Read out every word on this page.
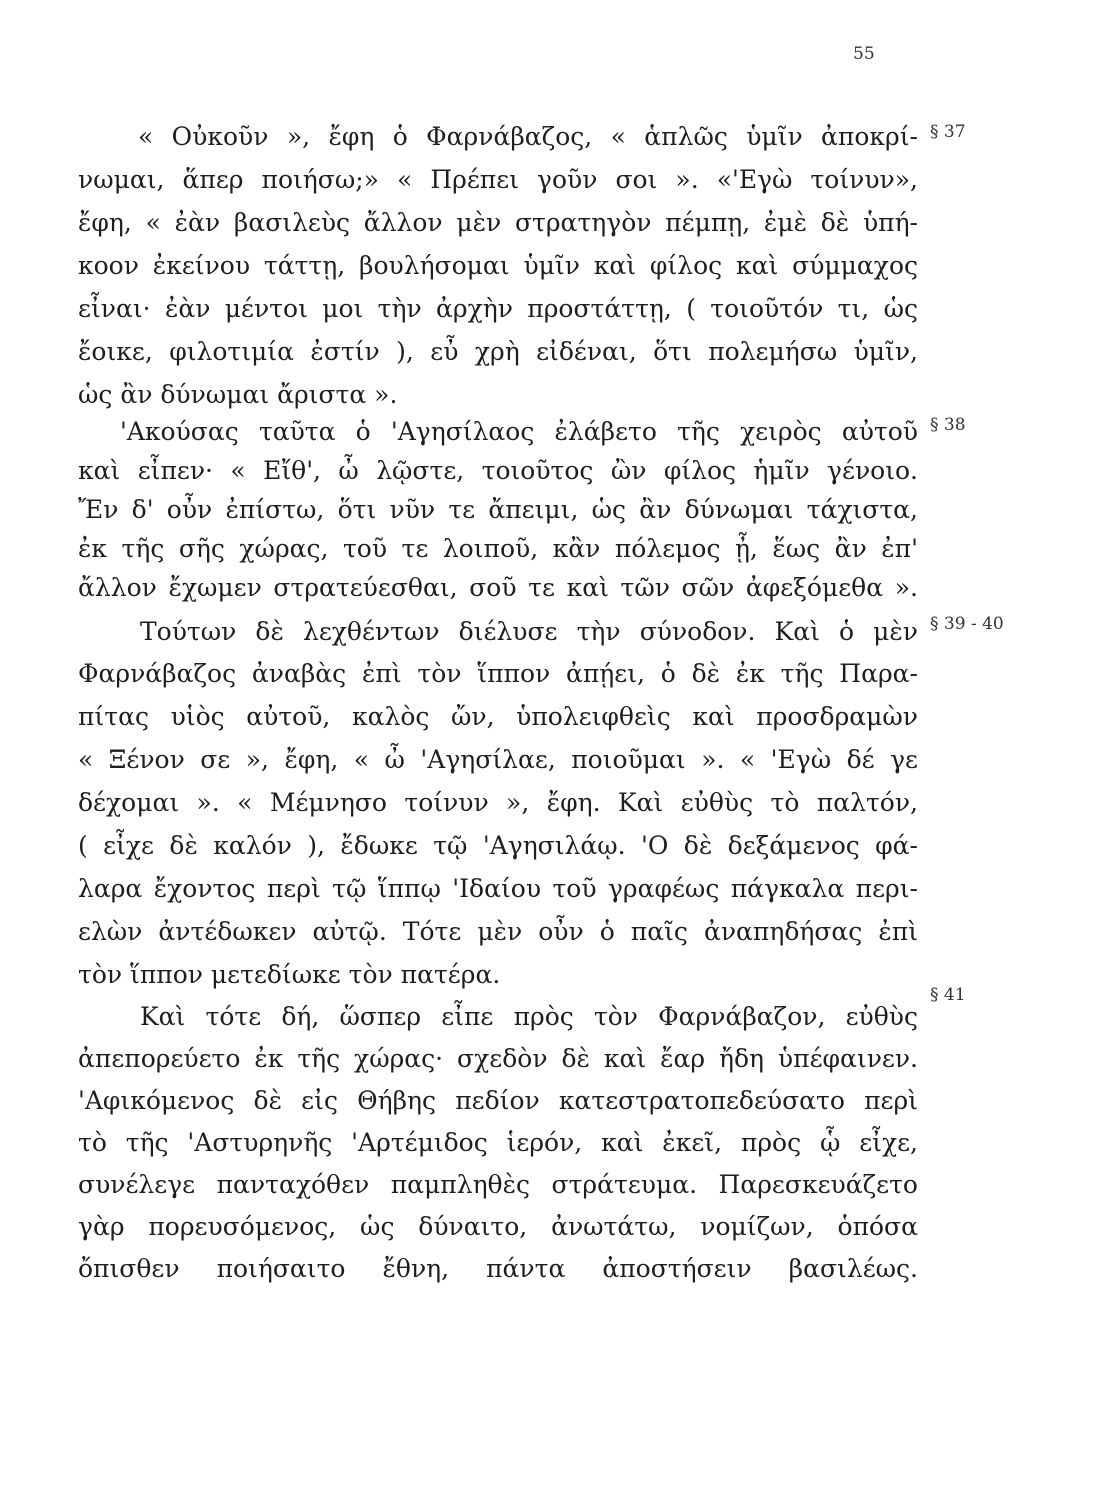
55
« Οὐκοῦν », ἔφη ὁ Φαρνάβαζος, « ἁπλῶς ὑμῖν ἀποκρί-
νωμαι, ἅπερ ποιήσω;» « Πρέπει γοῦν σοι ». «'Εγὼ τοίνυν»,
ἔφη, « ἐὰν βασιλεὺς ἄλλον μὲν στρατηγὸν πέμπῃ, ἐμὲ δὲ ὑπή-
κοον ἐκείνου τάττῃ, βουλήσομαι ὑμῖν καὶ φίλος καὶ σύμμαχος
εἶναι· ἐὰν μέντοι μοι τὴν ἀρχὴν προστάττῃ, ( τοιοῦτόν τι, ὡς
ἔοικε, φιλοτιμία ἐστίν ), εὖ χρὴ εἰδέναι, ὅτι πολεμήσω ὑμῖν,
ὡς ἂν δύνωμαι ἄριστα ».
'Ακούσας ταῦτα ὁ 'Αγησίλαος ἐλάβετο τῆς χειρὸς αὐτοῦ
καὶ εἶπεν· « Εἴθ', ὦ λῷστε, τοιοῦτος ὢν φίλος ἡμῖν γένοιο.
Ἔν δ' οὖν ἐπίστω, ὅτι νῦν τε ἄπειμι, ὡς ἂν δύνωμαι τάχιστα,
ἐκ τῆς σῆς χώρας, τοῦ τε λοιποῦ, κἂν πόλεμος ᾖ, ἕως ἂν ἐπ'
ἄλλον ἔχωμεν στρατεύεσθαι, σοῦ τε καὶ τῶν σῶν ἀφεξόμεθα ».
Τούτων δὲ λεχθέντων διέλυσε τὴν σύνοδον. Καὶ ὁ μὲν
Φαρνάβαζος ἀναβὰς ἐπὶ τὸν ἵππον ἀπῄει, ὁ δὲ ἐκ τῆς Παρα-
πίτας υἱὸς αὐτοῦ, καλὸς ὤν, ὑπολειφθεὶς καὶ προσδραμὼν
« Ξένον σε », ἔφη, « ὦ 'Αγησίλαε, ποιοῦμαι ». « 'Εγὼ δέ γε
δέχομαι ». « Μέμνησο τοίνυν », ἔφη. Καὶ εὐθὺς τὸ παλτόν,
( εἶχε δὲ καλόν ), ἔδωκε τῷ 'Αγησιλάῳ. 'Ο δὲ δεξάμενος φά-
λαρα ἔχοντος περὶ τῷ ἵππῳ 'Ιδαίου τοῦ γραφέως πάγκαλα περι-
ελὼν ἀντέδωκεν αὐτῷ. Τότε μὲν οὖν ὁ παῖς ἀναπηδήσας ἐπὶ
τὸν ἵππον μετεδίωκε τὸν πατέρα.
Καὶ τότε δή, ὥσπερ εἶπε πρὸς τὸν Φαρνάβαζον, εὐθὺς
ἀπεπορεύετο ἐκ τῆς χώρας· σχεδὸν δὲ καὶ ἔαρ ἤδη ὑπέφαινεν.
'Αφικόμενος δὲ εἰς Θήβης πεδίον κατεστρατοπεδεύσατο περὶ
τὸ τῆς 'Αστυρηνῆς 'Αρτέμιδος ἱερόν, καὶ ἐκεῖ, πρὸς ᾧ εἶχε,
συνέλεγε πανταχόθεν παμπληθὲς στράτευμα. Παρεσκευάζετο
γὰρ πορευσόμενος, ὡς δύναιτο, ἀνωτάτω, νομίζων, ὁπόσα
ὄπισθεν ποιήσαιτο ἔθνη, πάντα ἀποστήσειν βασιλέως.
§ 37
§ 38
§ 39 - 40
§ 41
